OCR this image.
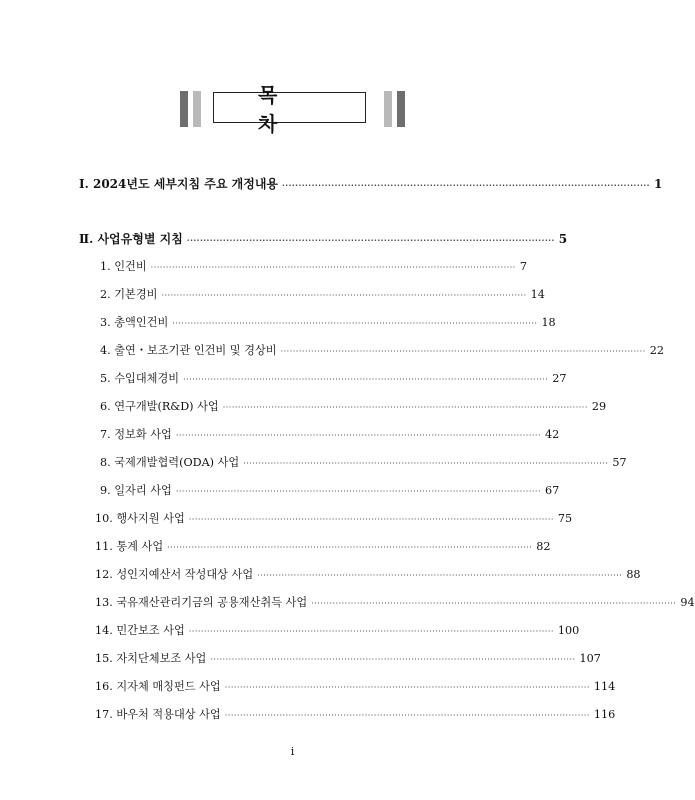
목 차
Ⅰ. 2024년도 세부지침 주요 개정내용 ················································································································ 1
Ⅱ. 사업유형별 지침 ················································································································ 5
1. 인건비 ························································································································ 7
2. 기본경비 ························································································································ 14
3. 총액인건비 ························································································································ 18
4. 출연・보조기관 인건비 및 경상비 ························································································································ 22
5. 수입대체경비 ························································································································ 27
6. 연구개발(R&D) 사업 ························································································································ 29
7. 정보화 사업 ························································································································ 42
8. 국제개발협력(ODA) 사업 ························································································································ 57
9. 일자리 사업 ························································································································ 67
10. 행사지원 사업 ························································································································ 75
11. 통계 사업 ························································································································ 82
12. 성인지예산서 작성대상 사업 ························································································································ 88
13. 국유재산관리기금의 공용재산취득 사업 ························································································································ 94
14. 민간보조 사업 ························································································································ 100
15. 자치단체보조 사업 ························································································································ 107
16. 지자체 매칭펀드 사업 ························································································································ 114
17. 바우처 적용대상 사업 ························································································································ 116
i
